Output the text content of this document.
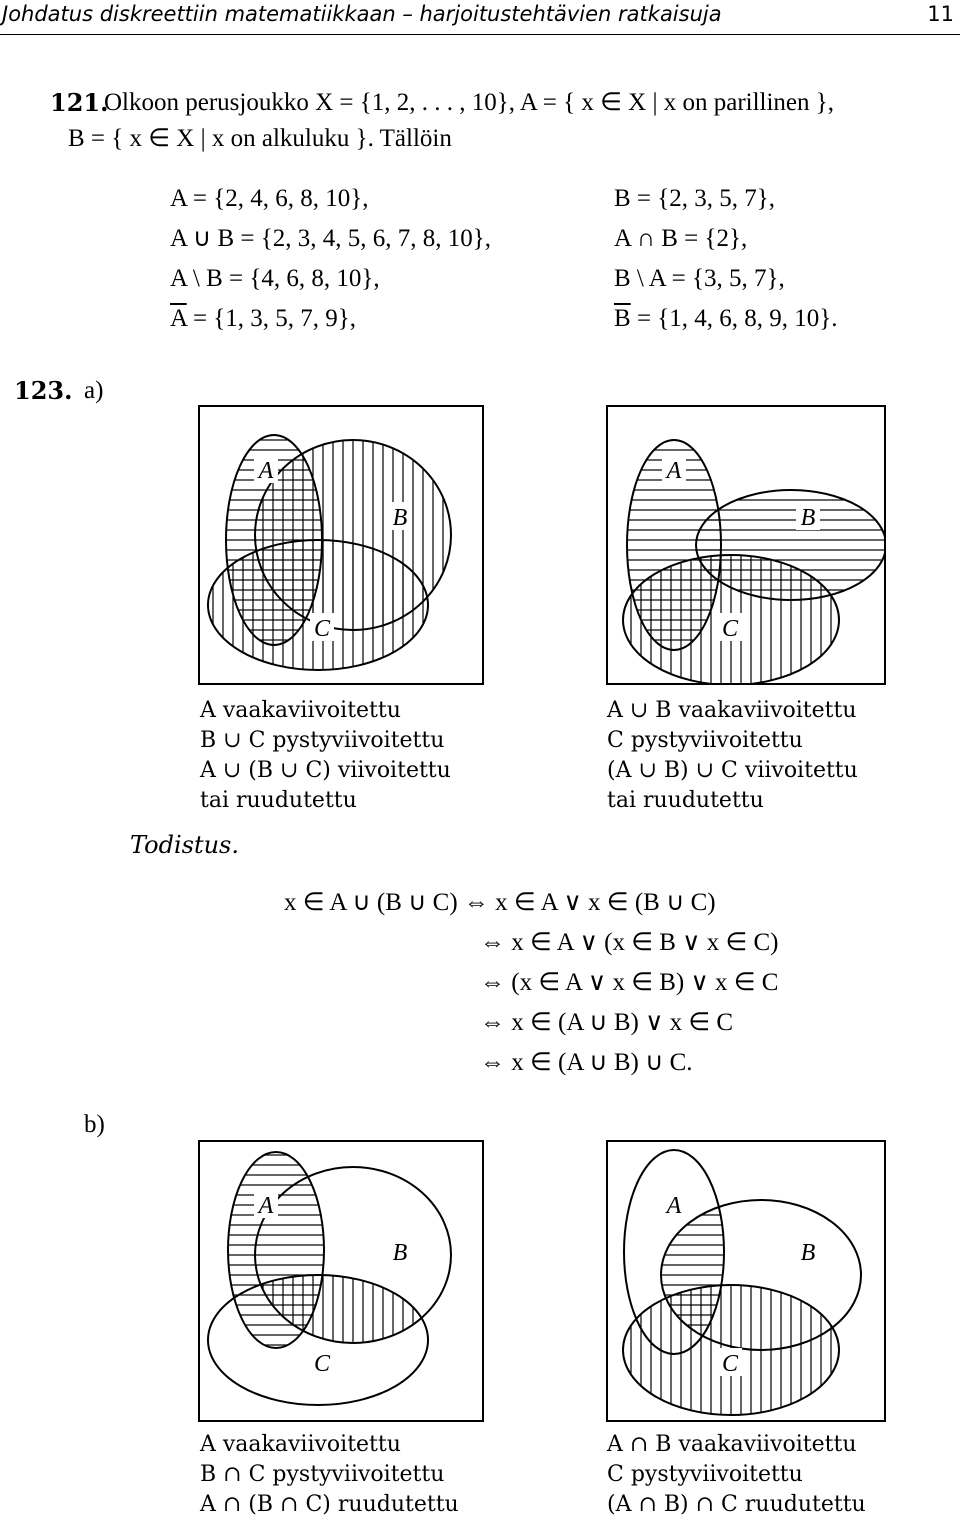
Johdatus diskreettiin matematiikkaan – harjoitustehtävien ratkaisuja	11
121.
Olkoon perusjoukko X = {1, 2, . . . , 10}, A = { x ∈ X | x on parillinen },
B = { x ∈ X | x on alkuluku }. Tällöin
A = {2, 4, 6, 8, 10},
A ∪ B = {2, 3, 4, 5, 6, 7, 8, 10},
A \ B = {4, 6, 8, 10},
$\overline{A} = \{1$, 3, 5, 7, 9},
B = {2, 3, 5, 7},
A ∩ B = {2},
B \ A = {3, 5, 7},
$\overline{B} = \{1$, 4, 6, 8, 9, 10}.
123. a)
A
B
C
A
B
C
A vaakaviivoitettu
B ∪ C pystyviivoitettu
A ∪ (B ∪ C) viivoitettu
tai ruudutettu
A ∪ B vaakaviivoitettu
C pystyviivoitettu
(A ∪ B) ∪ C viivoitettu
tai ruudutettu
Todistus.
x ∈ A ∪ (B ∪ C) ⇔ x ∈ A ∨ x ∈ (B ∪ C)
⇔ x ∈ A ∨ (x ∈ B ∨ x ∈ C)
⇔ (x ∈ A ∨ x ∈ B) ∨ x ∈ C
⇔ x ∈ (A ∪ B) ∨ x ∈ C
⇔ x ∈ (A ∪ B) ∪ C.
b)
A
B
C
A
B
C
A vaakaviivoitettu
B ∩ C pystyviivoitettu
A ∩ (B ∩ C) ruudutettu
A ∩ B vaakaviivoitettu
C pystyviivoitettu
(A ∩ B) ∩ C ruudutettu
